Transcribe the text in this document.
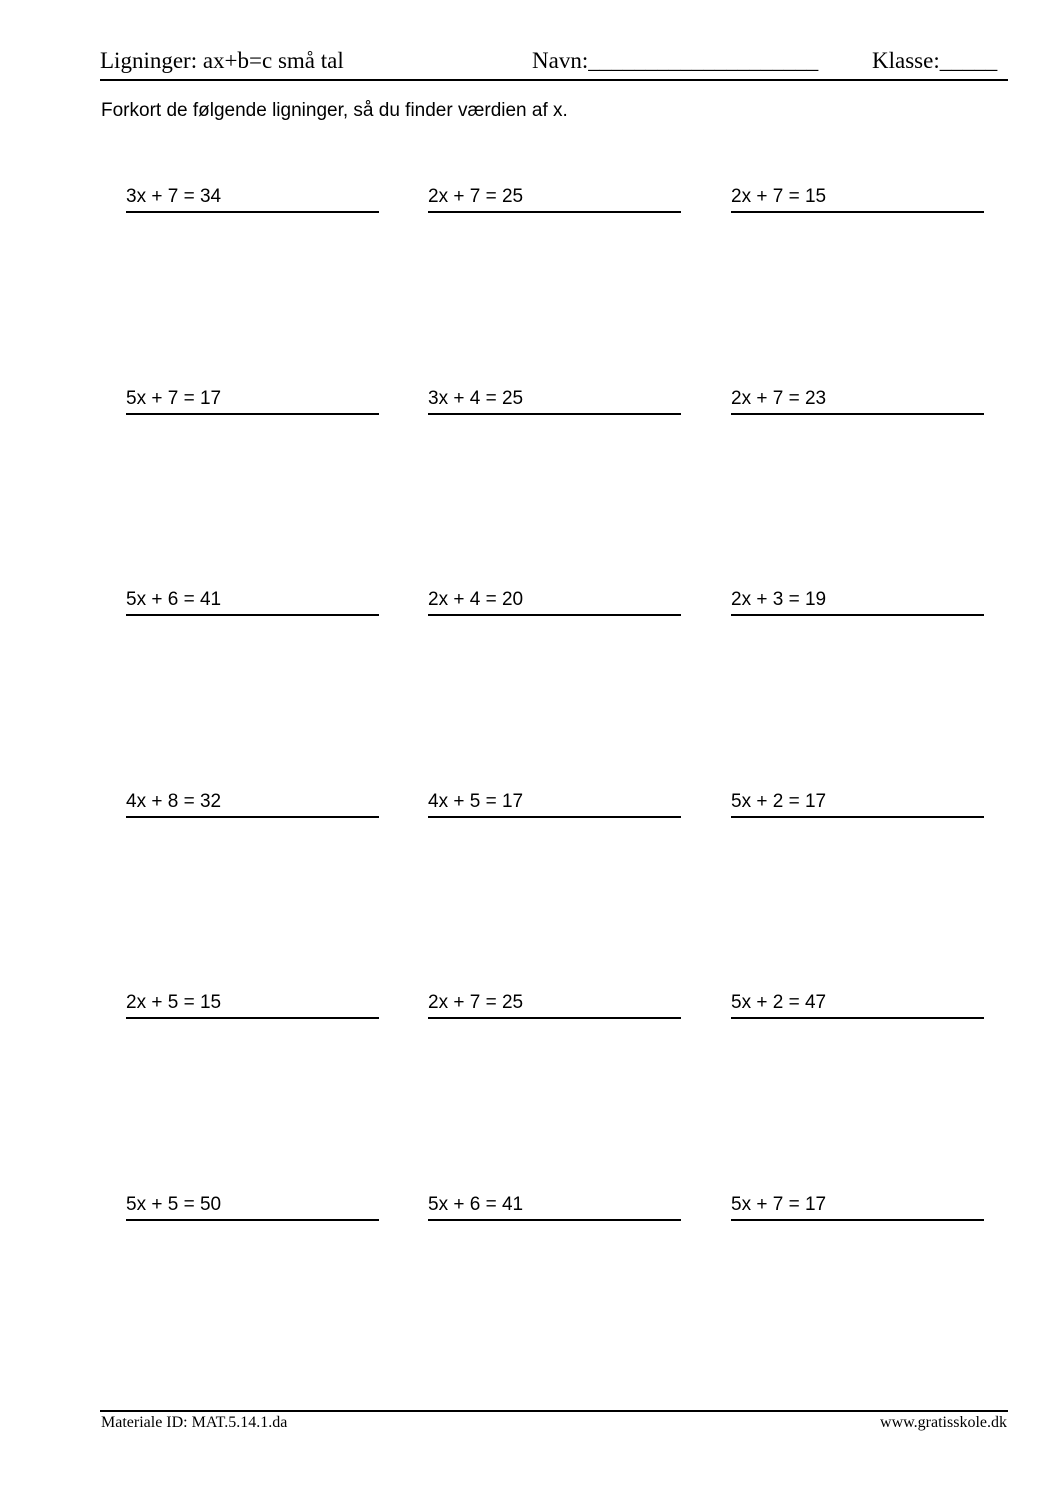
Ligninger: ax+b=c små tal	Navn:____________________ Klasse:_____
Forkort de følgende ligninger, så du finder værdien af x.
3x + 7 = 34	2x + 7 = 25	2x + 7 = 15
5x + 7 = 17	3x + 4 = 25	2x + 7 = 23
5x + 6 = 41	2x + 4 = 20	2x + 3 = 19
4x + 8 = 32	4x + 5 = 17	5x + 2 = 17
2x + 5 = 15	2x + 7 = 25	5x + 2 = 47
5x + 5 = 50	5x + 6 = 41	5x + 7 = 17
Materiale ID: MAT.5.14.1.da	www.gratisskole.dk
